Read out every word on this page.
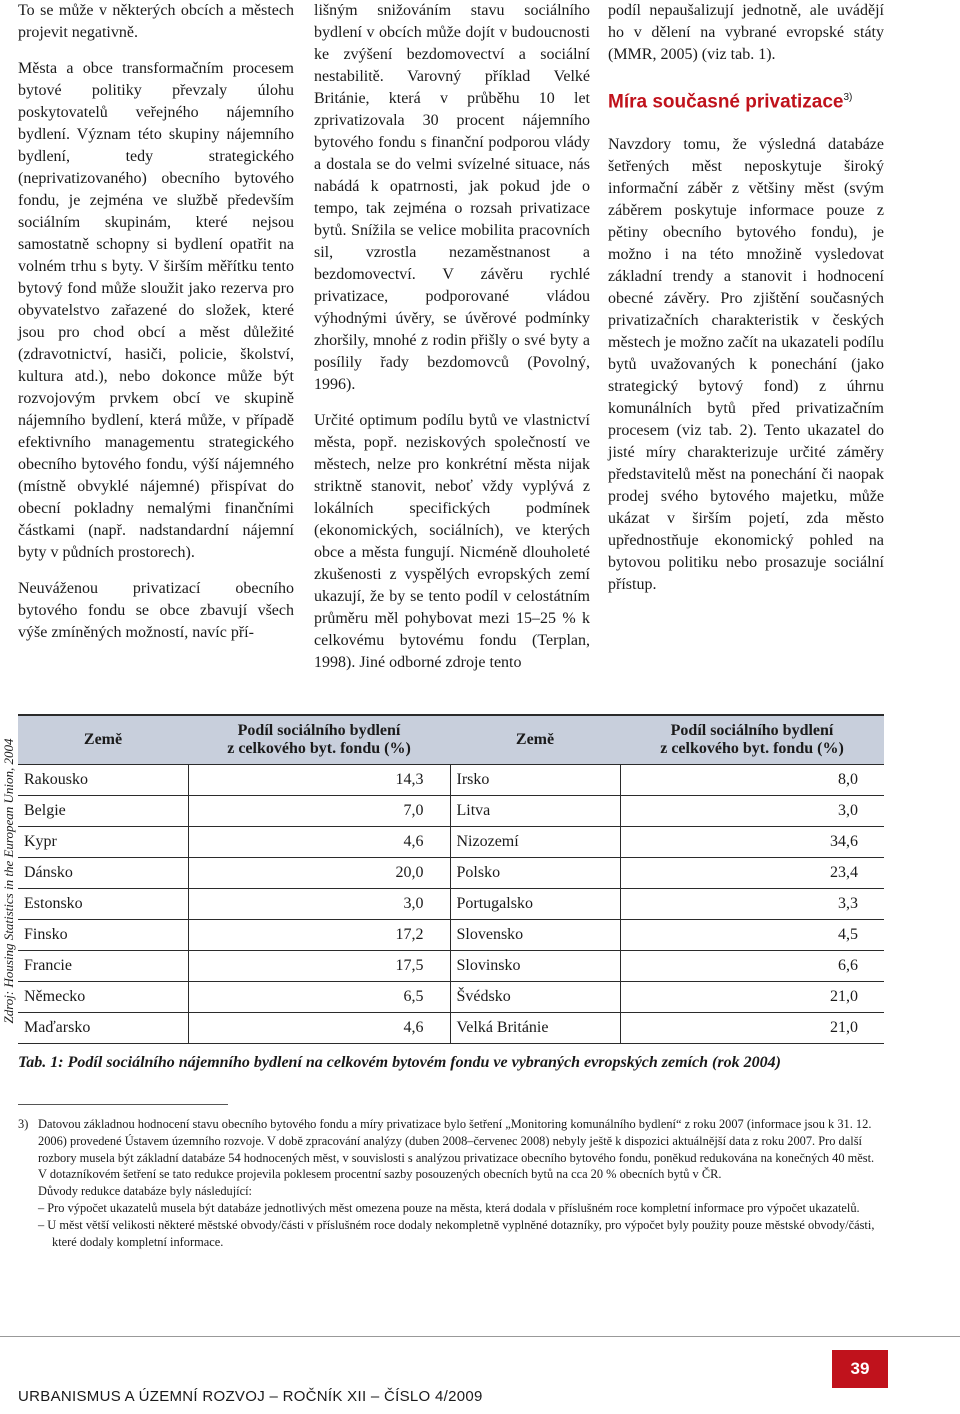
To se může v některých obcích a městech projevit negativně.

Města a obce transformačním procesem bytové politiky převzaly úlohu poskytovatelů veřejného nájemního bydlení. Význam této skupiny nájemního bydlení, tedy strategického (neprivatizovaného) obecního bytového fondu, je zejména ve službě především sociálním skupinám, které nejsou samostatně schopny si bydlení opatřit na volném trhu s byty. V širším měřítku tento bytový fond může sloužit jako rezerva pro obyvatelstvo zařazené do složek, které jsou pro chod obcí a měst důležité (zdravotnictví, hasiči, policie, školství, kultura atd.), nebo dokonce může být rozvojovým prvkem obcí ve skupině nájemního bydlení, která může, v případě efektivního managementu strategického obecního bytového fondu, výší nájemného (místně obvyklé nájemné) přispívat do obecní pokladny nemalými finančními částkami (např. nadstandardní nájemní byty v půdních prostorech).

Neuváženou privatizací obecního bytového fondu se obce zbavují všech výše zmíněných možností, navíc pří-

lišným snižováním stavu sociálního bydlení v obcích může dojít v budoucnosti ke zvýšení bezdomovectví a sociální nestabilitě. Varovný příklad Velké Británie, která v průběhu 10 let zprivatizovala 30 procent nájemního bytového fondu s finanční podporou vlády a dostala se do velmi svízelné situace, nás nabádá k opatrnosti, jak pokud jde o tempo, tak zejména o rozsah privatizace bytů. Snížila se velice mobilita pracovních sil, vzrostla nezaměstnanost a bezdomovectví. V závěru rychlé privatizace, podporované vládou výhodnými úvěry, se úvěrové podmínky zhoršily, mnohé z rodin přišly o své byty a posílily řady bezdomovců (Povolný, 1996).

Určité optimum podílu bytů ve vlastnictví města, popř. neziskových společností ve městech, nelze pro konkrétní města nijak striktně stanovit, neboť vždy vyplývá z lokálních specifických podmínek (ekonomických, sociálních), ve kterých obce a města fungují. Nicméně dlouholeté zkušenosti z vyspělých evropských zemí ukazují, že by se tento podíl v celostátním průměru měl pohybovat mezi 15–25 % k celkovému bytovému fondu (Terplan, 1998). Jiné odborné zdroje tento

podíl nepaušalizují jednotně, ale uvádějí ho v dělení na vybrané evropské státy (MMR, 2005) (viz tab. 1).

Míra současné privatizace$^{3)}$

Navzdory tomu, že výsledná databáze šetřených měst neposkytuje široký informační záběr z většiny měst (svým záběrem poskytuje informace pouze z pětiny obecního bytového fondu), je možno i na této množině vysledovat základní trendy a stanovit i hodnocení obecné závěry. Pro zjištění současných privatizačních charakteristik v českých městech je možno začít na ukazateli podílu bytů uvažovaných k ponechání (jako strategický bytový fond) z úhrnu komunálních bytů před privatizačním procesem (viz tab. 2). Tento ukazatel do jisté míry charakterizuje určité záměry představitelů měst na ponechání či naopak prodej svého bytového majetku, může ukázat v širším pojetí, zda město upřednostňuje ekonomický pohled na bytovou politiku nebo prosazuje sociální přístup.

Zdroj: Housing Statistics in the European Union, 2004	Země	Podíl sociálního bydlení
z celkového byt. fondu (%)	Země	Podíl sociálního bydlení
z celkového byt. fondu (%)
Rakousko	14,3	Irsko	8,0
Belgie	7,0	Litva	3,0
Kypr	4,6	Nizozemí	34,6
Dánsko	20,0	Polsko	23,4
Estonsko	3,0	Portugalsko	3,3
Finsko	17,2	Slovensko	4,5
Francie	17,5	Slovinsko	6,6
Německo	6,5	Švédsko	21,0
Maďarsko	4,6	Velká Británie	21,0
Tab. 1: Podíl sociálního nájemního bydlení na celkovém bytovém fondu ve vybraných evropských zemích (rok 2004)
3) Datovou základnou hodnocení stavu obecního bytového fondu a míry privatizace bylo šetření „Monitoring komunálního bydlení“ z roku 2007 (informace jsou k 31. 12. 2006) provedené Ústavem územního rozvoje. V době zpracování analýzy (duben 2008–červenec 2008) nebyly ještě k dispozici aktuálnější data z roku 2007. Pro další rozbory musela být základní databáze 54 hodnocených měst, v souvislosti s analýzou privatizace obecního bytového fondu, poněkud redukována na konečných 40 měst. V dotazníkovém šetření se tato redukce projevila poklesem procentní sazby posouzených obecních bytů na cca 20 % obecních bytů v ČR.

Důvody redukce databáze byly následující:

– Pro výpočet ukazatelů musela být databáze jednotlivých měst omezena pouze na města, která dodala v příslušném roce kompletní informace pro výpočet ukazatelů.

– U měst větší velikosti některé městské obvody/části v příslušném roce dodaly nekompletně vyplněné dotazníky, pro výpočet byly použity pouze městské obvody/části, které dodaly kompletní informace.

URBANISMUS A ÚZEMNÍ ROZVOJ – ROČNÍK XII – ČÍSLO 4/2009
39
